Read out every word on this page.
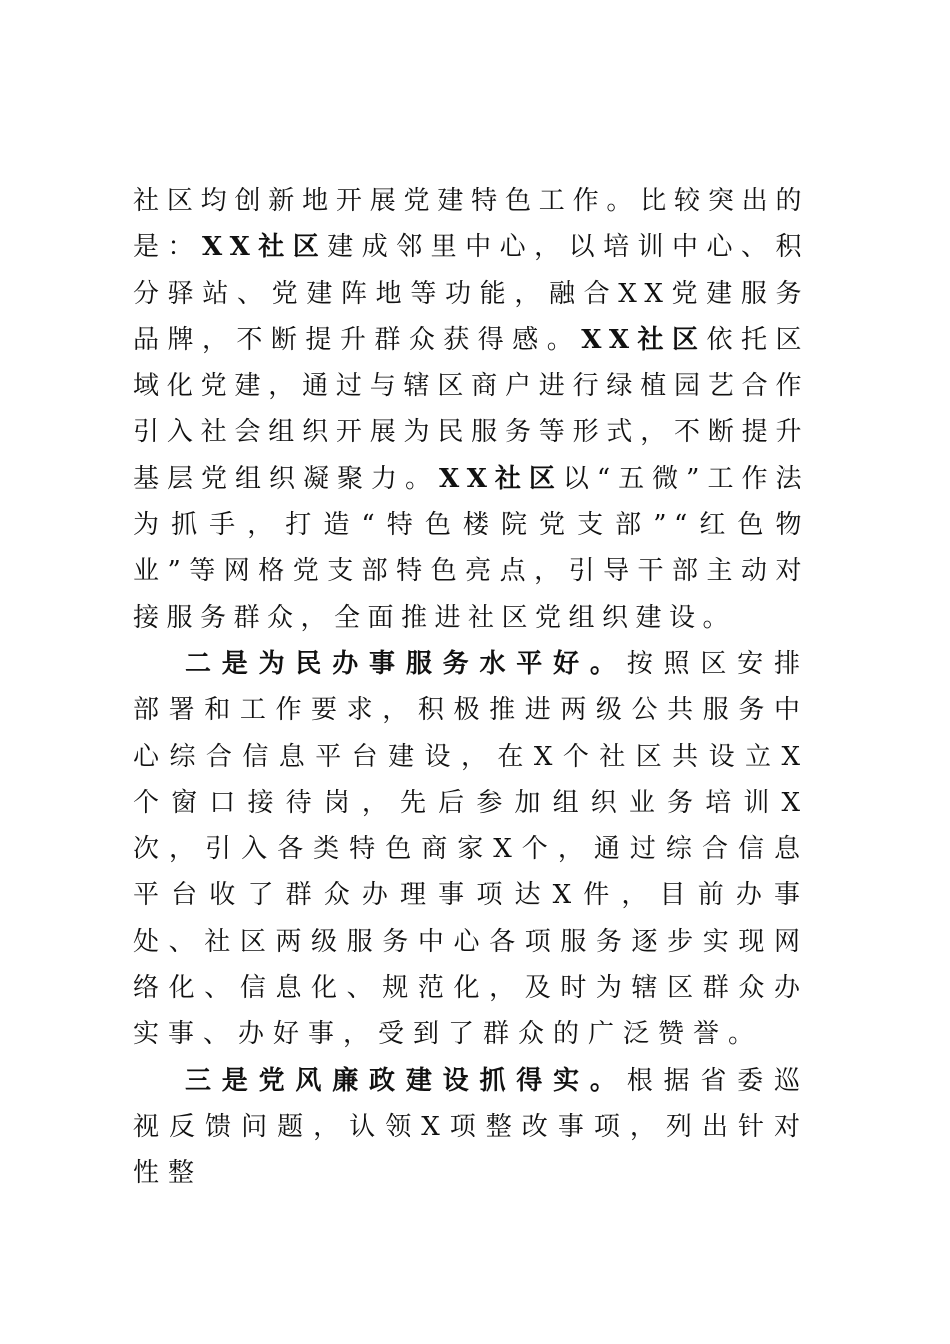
社区均创新地开展党建特色工作。比较突出的是：XX社区建成邻里中心，以培训中心、积分驿站、党建阵地等功能，融合XX党建服务品牌，不断提升群众获得感。XX社区依托区域化党建，通过与辖区商户进行绿植园艺合作引入社会组织开展为民服务等形式，不断提升基层党组织凝聚力。XX社区以“五微”工作法为抓手，打造“特色楼院党支部”“红色物业”等网格党支部特色亮点，引导干部主动对接服务群众，全面推进社区党组织建设。

二是为民办事服务水平好。按照区安排部署和工作要求，积极推进两级公共服务中心综合信息平台建设，在X个社区共设立X个窗口接待岗，先后参加组织业务培训X次，引入各类特色商家X个，通过综合信息平台收了群众办理事项达X件，目前办事处、社区两级服务中心各项服务逐步实现网络化、信息化、规范化，及时为辖区群众办实事、办好事，受到了群众的广泛赞誉。

三是党风廉政建设抓得实。根据省委巡视反馈问题，认领X项整改事项，列出针对性整
